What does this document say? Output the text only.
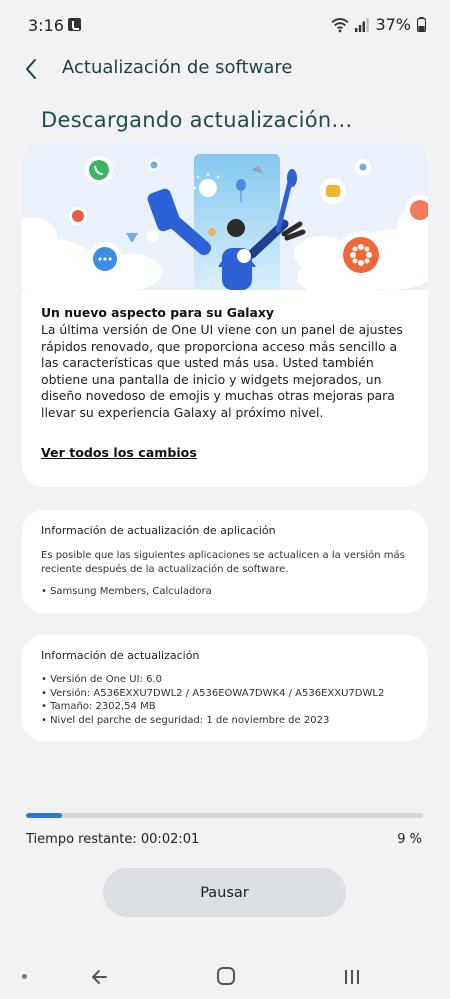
3:16	37%
Actualización de software
Descargando actualización...
Un nuevo aspecto para su Galaxy
La última versión de One UI viene con un panel de ajustes rápidos renovado, que proporciona acceso más sencillo a las características que usted más usa. Usted también obtiene una pantalla de inicio y widgets mejorados, un diseño novedoso de emojis y muchas otras mejoras para llevar su experiencia Galaxy al próximo nivel.
Ver todos los cambios
Información de actualización de aplicación
Es posible que las siguientes aplicaciones se actualicen a la versión más reciente después de la actualización de software.
• Samsung Members, Calculadora
Información de actualización
• Versión de One UI: 6.0
• Versión: A536EXXU7DWL2 / A536EOWA7DWK4 / A536EXXU7DWL2
• Tamaño: 2302,54 MB
• Nivel del parche de seguridad: 1 de noviembre de 2023
Tiempo restante: 00:02:01	9 %
Pausar
